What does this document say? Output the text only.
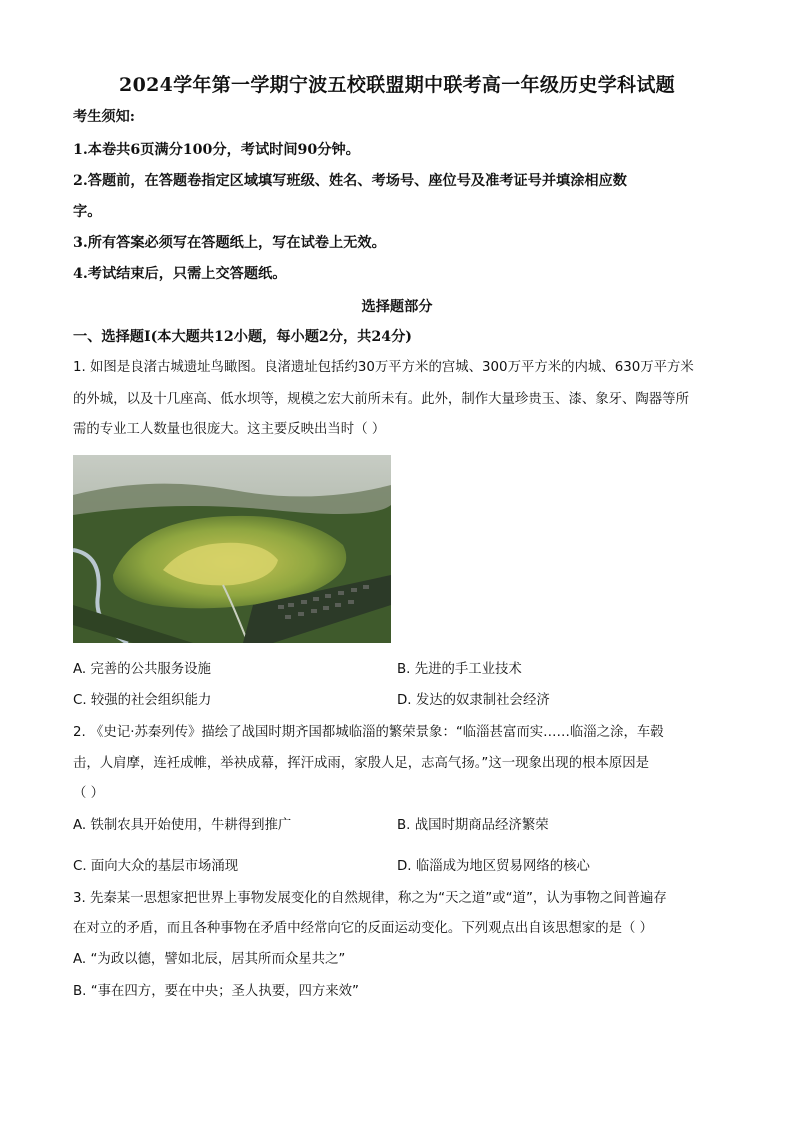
2024学年第一学期宁波五校联盟期中联考高一年级历史学科试题
考生须知:
1.本卷共6页满分100分，考试时间90分钟。
2.答题前，在答题卷指定区域填写班级、姓名、考场号、座位号及准考证号并填涂相应数
字。
3.所有答案必须写在答题纸上，写在试卷上无效。
4.考试结束后，只需上交答题纸。
选择题部分
一、选择题Ⅰ(本大题共12小题，每小题2分，共24分)
1. 如图是良渚古城遗址鸟瞰图。良渚遗址包括约30万平方米的宫城、300万平方米的内城、630万平方米
的外城，以及十几座高、低水坝等，规模之宏大前所未有。此外，制作大量珍贵玉、漆、象牙、陶器等所
需的专业工人数量也很庞大。这主要反映出当时（ ）
A. 完善的公共服务设施	B. 先进的手工业技术
C. 较强的社会组织能力	D. 发达的奴隶制社会经济
2. 《史记·苏秦列传》描绘了战国时期齐国都城临淄的繁荣景象：“临淄甚富而实……临淄之涂，车毂
击，人肩摩，连衽成帷，举袂成幕，挥汗成雨，家殷人足，志高气扬。”这一现象出现的根本原因是
（ ）
A. 铁制农具开始使用，牛耕得到推广	B. 战国时期商品经济繁荣
C. 面向大众的基层市场涌现	D. 临淄成为地区贸易网络的核心
3. 先秦某一思想家把世界上事物发展变化的自然规律，称之为“天之道”或“道”，认为事物之间普遍存
在对立的矛盾，而且各种事物在矛盾中经常向它的反面运动变化。下列观点出自该思想家的是（ ）
A. “为政以德，譬如北辰，居其所而众星共之”
B. “事在四方，要在中央；圣人执要，四方来效”
